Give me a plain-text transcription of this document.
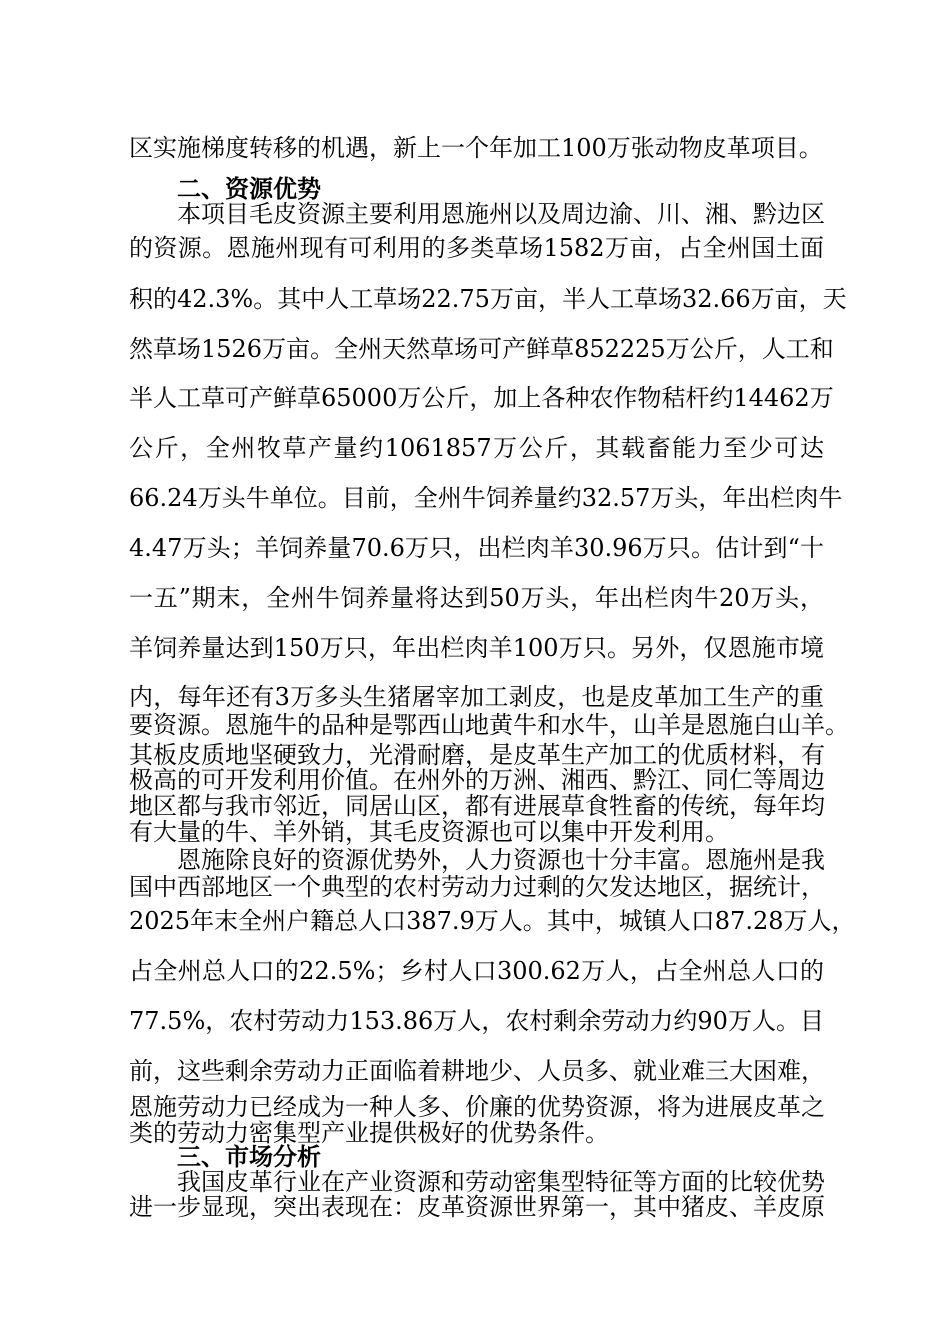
区实施梯度转移的机遇，新上一个年加工100万张动物皮革项目。

二、资源优势

本项目毛皮资源主要利用恩施州以及周边渝、川、湘、黔边区

的资源。恩施州现有可利用的多类草场1582万亩，占全州国土面

积的42.3%。其中人工草场22.75万亩，半人工草场32.66万亩，天

然草场1526万亩。全州天然草场可产鲜草852225万公斤，人工和

半人工草可产鲜草65000万公斤，加上各种农作物秸杆约14462万

公斤，全州牧草产量约1061857万公斤，其载畜能力至少可达

66.24万头牛单位。目前，全州牛饲养量约32.57万头，年出栏肉牛

4.47万头；羊饲养量70.6万只，出栏肉羊30.96万只。估计到“十

一五”期末，全州牛饲养量将达到50万头，年出栏肉牛20万头，

羊饲养量达到150万只，年出栏肉羊100万只。另外，仅恩施市境

内，每年还有3万多头生猪屠宰加工剥皮，也是皮革加工生产的重

要资源。恩施牛的品种是鄂西山地黄牛和水牛，山羊是恩施白山羊。

其板皮质地坚硬致力，光滑耐磨，是皮革生产加工的优质材料，有

极高的可开发利用价值。在州外的万洲、湘西、黔江、同仁等周边

地区都与我市邻近，同居山区，都有进展草食牲畜的传统，每年均

有大量的牛、羊外销，其毛皮资源也可以集中开发利用。

恩施除良好的资源优势外，人力资源也十分丰富。恩施州是我

国中西部地区一个典型的农村劳动力过剩的欠发达地区，据统计，

2025年末全州户籍总人口387.9万人。其中，城镇人口87.28万人，

占全州总人口的22.5%；乡村人口300.62万人，占全州总人口的

77.5%，农村劳动力153.86万人，农村剩余劳动力约90万人。目

前，这些剩余劳动力正面临着耕地少、人员多、就业难三大困难，

恩施劳动力已经成为一种人多、价廉的优势资源，将为进展皮革之

类的劳动力密集型产业提供极好的优势条件。

三、市场分析

我国皮革行业在产业资源和劳动密集型特征等方面的比较优势

进一步显现，突出表现在：皮革资源世界第一，其中猪皮、羊皮原
